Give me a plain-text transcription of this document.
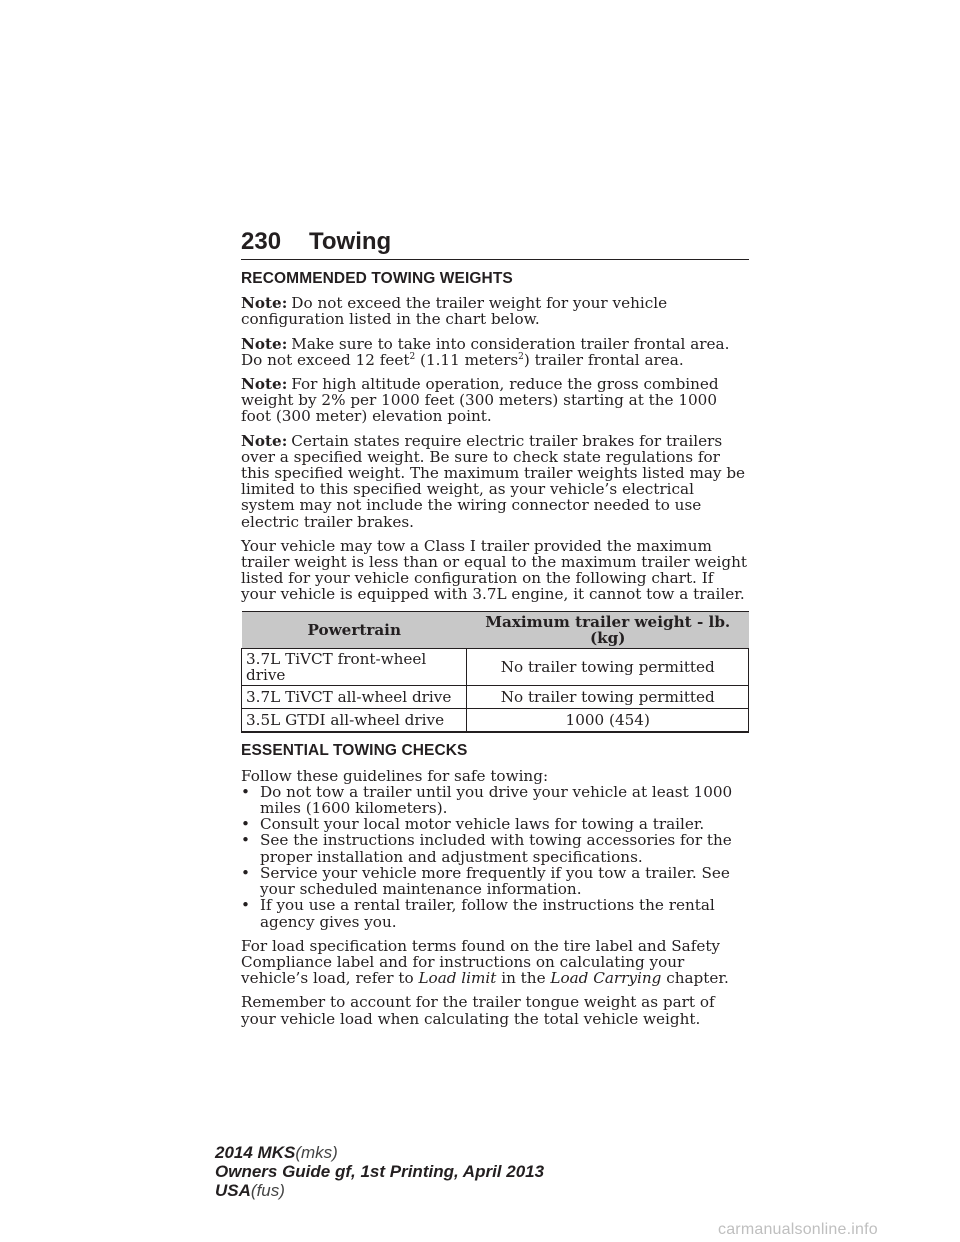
230 Towing

RECOMMENDED TOWING WEIGHTS

Note: Do not exceed the trailer weight for your vehicle configuration listed in the chart below.

Note: Make sure to take into consideration trailer frontal area. Do not exceed 12 feet$^2$ (1.11 meters$^2$) trailer frontal area.

Note: For high altitude operation, reduce the gross combined weight by 2% per 1000 feet (300 meters) starting at the 1000 foot (300 meter) elevation point.

Note: Certain states require electric trailer brakes for trailers over a specified weight. Be sure to check state regulations for this specified weight. The maximum trailer weights listed may be limited to this specified weight, as your vehicle’s electrical system may not include the wiring connector needed to use electric trailer brakes.

Your vehicle may tow a Class I trailer provided the maximum trailer weight is less than or equal to the maximum trailer weight listed for your vehicle configuration on the following chart. If your vehicle is equipped with 3.7L engine, it cannot tow a trailer.

Powertrain	Maximum trailer weight - lb. (kg)
3.7L TiVCT front-wheel drive	No trailer towing permitted
3.7L TiVCT all-wheel drive	No trailer towing permitted
3.5L GTDI all-wheel drive	1000 (454)

ESSENTIAL TOWING CHECKS

Follow these guidelines for safe towing:

• Do not tow a trailer until you drive your vehicle at least 1000 miles (1600 kilometers).
• Consult your local motor vehicle laws for towing a trailer.
• See the instructions included with towing accessories for the proper installation and adjustment specifications.
• Service your vehicle more frequently if you tow a trailer. See your scheduled maintenance information.
• If you use a rental trailer, follow the instructions the rental agency gives you.

For load specification terms found on the tire label and Safety Compliance label and for instructions on calculating your vehicle’s load, refer to Load limit in the Load Carrying chapter.

Remember to account for the trailer tongue weight as part of your vehicle load when calculating the total vehicle weight.

2014 MKS(mks)
Owners Guide gf, 1st Printing, April 2013
USA(fus)
carmanualsonline.info
